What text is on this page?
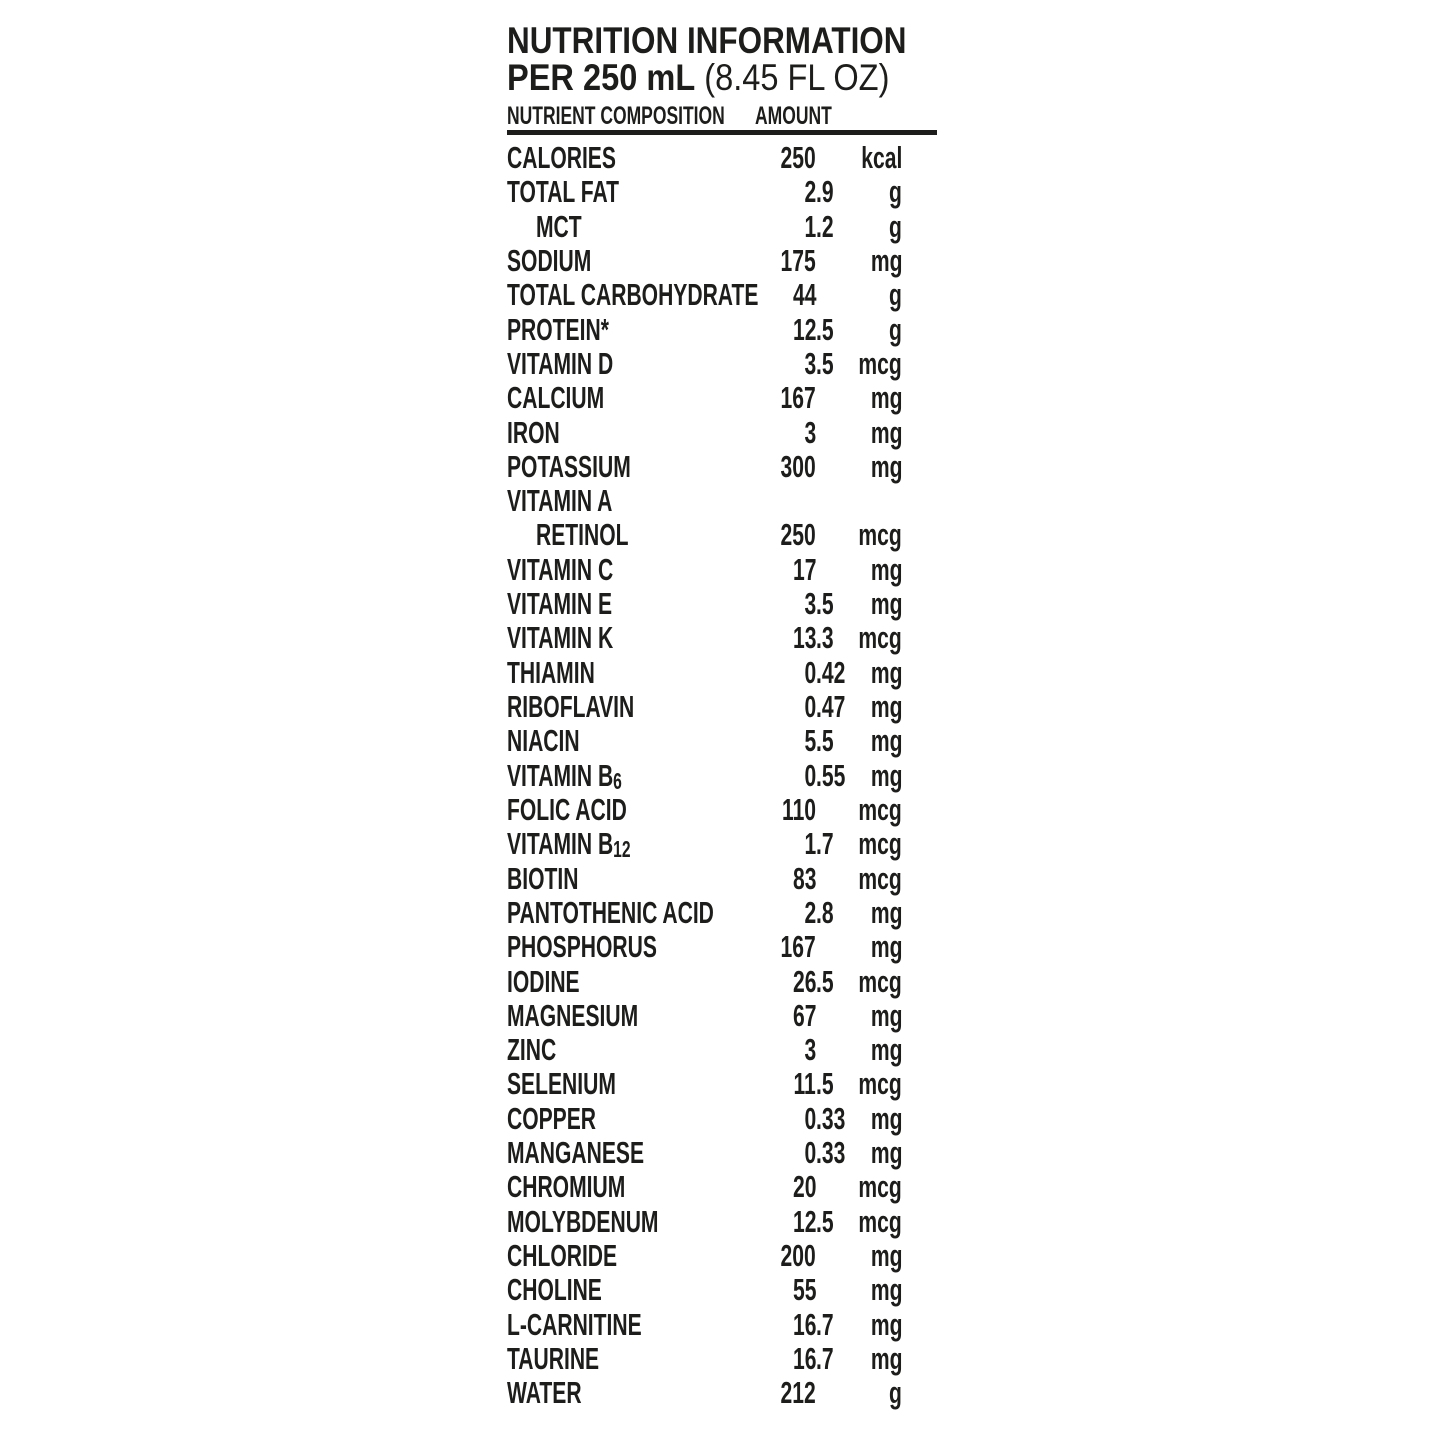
NUTRITION INFORMATION
PER 250 mL (8.45 FL OZ)
NUTRIENT COMPOSITION	AMOUNT
CALORIES	250	kcal
TOTAL FAT	2 .9	g
MCT	1 .2	g
SODIUM	175	mg
TOTAL CARBOHYDRATE	44	g
PROTEIN*	12 .5	g
VITAMIN D	3 .5 mcg
CALCIUM	167	mg
IRON	3	mg
POTASSIUM	300	mg
VITAMIN A
RETINOL	250	mcg
VITAMIN C	17	mg
VITAMIN E	3 .5	mg
VITAMIN K	13 .3 mcg
THIAMIN	0 .42 mg
RIBOFLAVIN	0 .47 mg
NIACIN	5 .5	mg
VITAMIN B6	0 .55 mg
FOLIC ACID	110	mcg
VITAMIN B12	1 .7 mcg
BIOTIN	83	mcg
PANTOTHENIC ACID	2 .8	mg
PHOSPHORUS	167	mg
IODINE	26 .5 mcg
MAGNESIUM	67	mg
ZINC	3	mg
SELENIUM	11 .5 mcg
COPPER	0 .33 mg
MANGANESE	0 .33 mg
CHROMIUM	20	mcg
MOLYBDENUM	12 .5 mcg
CHLORIDE	200	mg
CHOLINE	55	mg
L-CARNITINE	16 .7	mg
TAURINE	16 .7	mg
WATER	212	g
